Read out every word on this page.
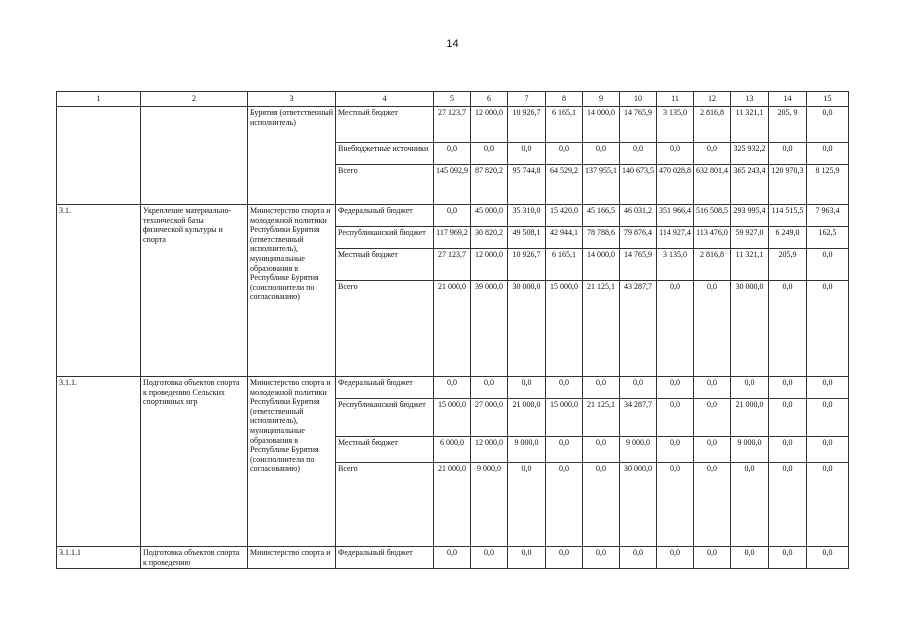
14
1	2	3	4	5	6	7	8	9	10	11	12	13	14	15
		Бурятия (ответственный исполнитель)	Местный бюджет	27 123,7	12 000,0	10 926,7	6 165,1	14 000,0	14 765,9	3 135,0	2 816,8	11 321,1	205, 9	0,0
			Внебюджетные источники	0,0	0,0	0,0	0,0	0,0	0,0	0,0	0,0	325 932,2	0,0	0,0
			Всего	145 092,9	87 820,2	95 744,8	64 529,2	137 955,1	140 673,5	470 028,8	632 801,4	365 243,4	120 970,3	8 125,9
3.1.	Укрепление материально-технической базы физической культуры и спорта	Министерство спорта и молодежной политики Республики Бурятия (ответственный исполнитель), муниципальные образования в Республике Бурятия (соисполнители по согласованию)	Федеральный бюджет	0,0	45 000,0	35 310,0	15 420,0	45 166,5	46 031,2	351 966,4	516 508,5	293 995,4	114 515,5	7 963,4
			Республиканский бюджет	117 969,2	30 820,2	49 508,1	42 944,1	78 788,6	79 876,4	114 927,4	113 476,0	59 927,0	6 249,0	162,5
			Местный бюджет	27 123,7	12 000,0	10 926,7	6 165,1	14 000,0	14 765,9	3 135,0	2 816,8	11 321,1	205,9	0,0
			Всего	21 000,0	39 000,0	30 000,0	15 000,0	21 125,1	43 287,7	0,0	0,0	30 000,0	0,0	0,0
3.1.1.	Подготовка объектов спорта к проведению Сельских спортивных игр	Министерство спорта и молодежной политики Республики Бурятия (ответственный исполнитель), муниципальные образования в Республике Бурятия (соисполнители по согласованию)	Федеральный бюджет	0,0	0,0	0,0	0,0	0,0	0,0	0,0	0,0	0,0	0,0	0,0
			Республиканский бюджет	15 000,0	27 000,0	21 000,0	15 000,0	21 125,1	34 287,7	0,0	0,0	21 000,0	0,0	0,0
			Местный бюджет	6 000,0	12 000,0	9 000,0	0,0	0,0	9 000,0	0,0	0,0	9 000,0	0,0	0,0
			Всего	21 000,0	9 000,0	0,0	0,0	0,0	30 000,0	0,0	0,0	0,0	0,0	0,0
3.1.1.1	Подготовка объектов спорта к проведению	Министерство спорта и	Федеральный бюджет	0,0	0,0	0,0	0,0	0,0	0,0	0,0	0,0	0,0	0,0	0,0
